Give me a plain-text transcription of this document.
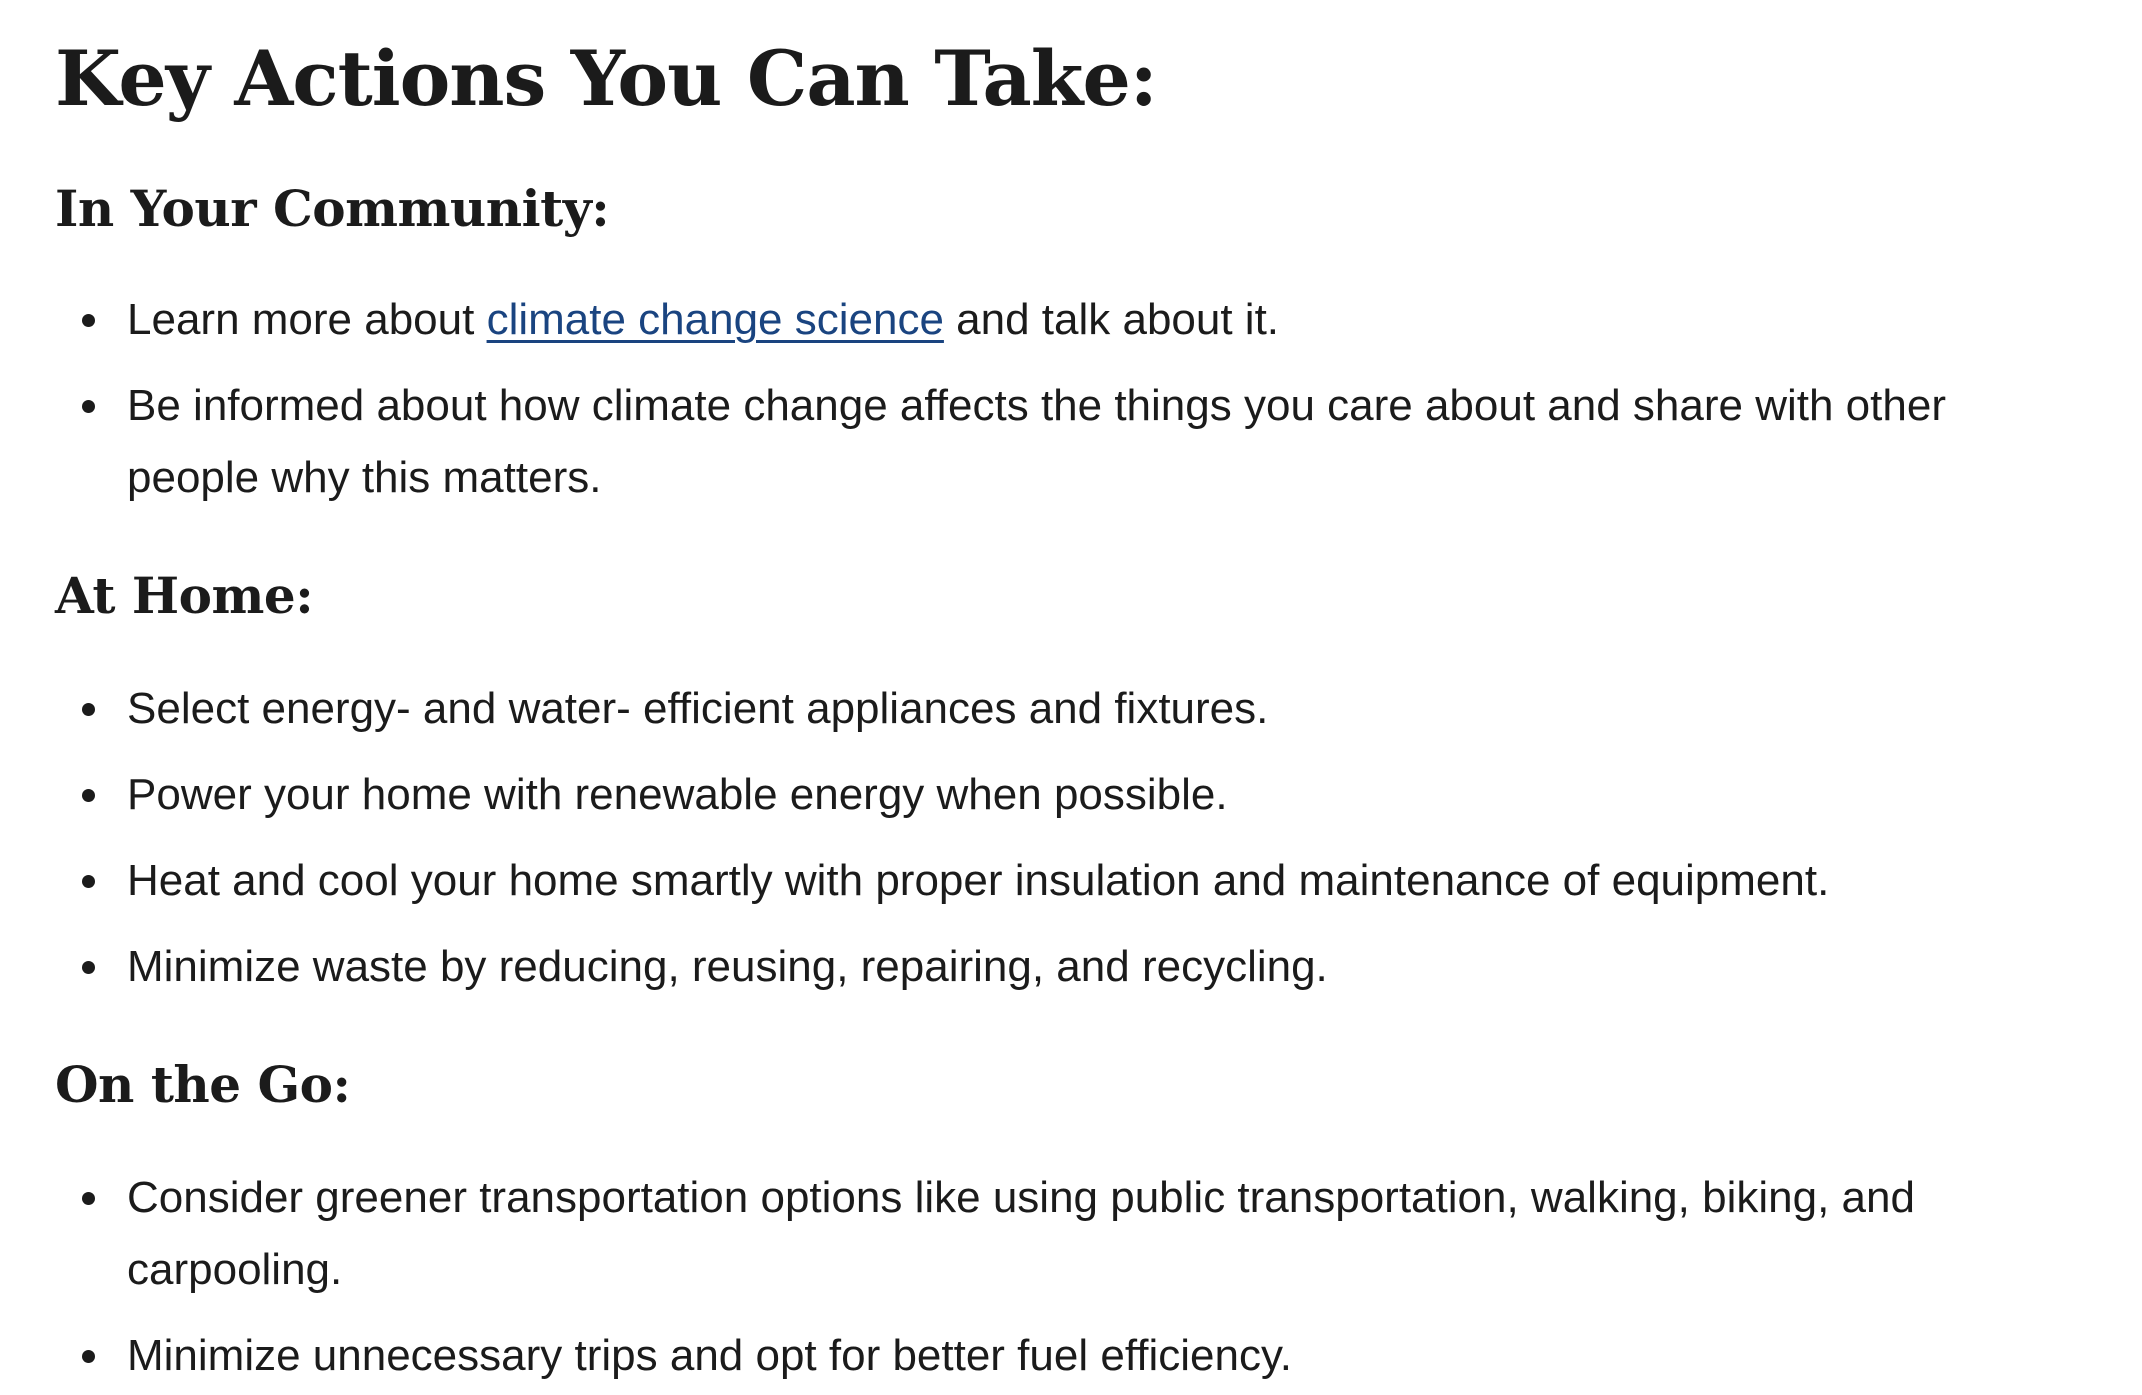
Key Actions You Can Take:
In Your Community:
Learn more about climate change science and talk about it.
Be informed about how climate change affects the things you care about and share with other people why this matters.
At Home:
Select energy- and water- efficient appliances and fixtures.
Power your home with renewable energy when possible.
Heat and cool your home smartly with proper insulation and maintenance of equipment.
Minimize waste by reducing, reusing, repairing, and recycling.
On the Go:
Consider greener transportation options like using public transportation, walking, biking, and carpooling.
Minimize unnecessary trips and opt for better fuel efficiency.
